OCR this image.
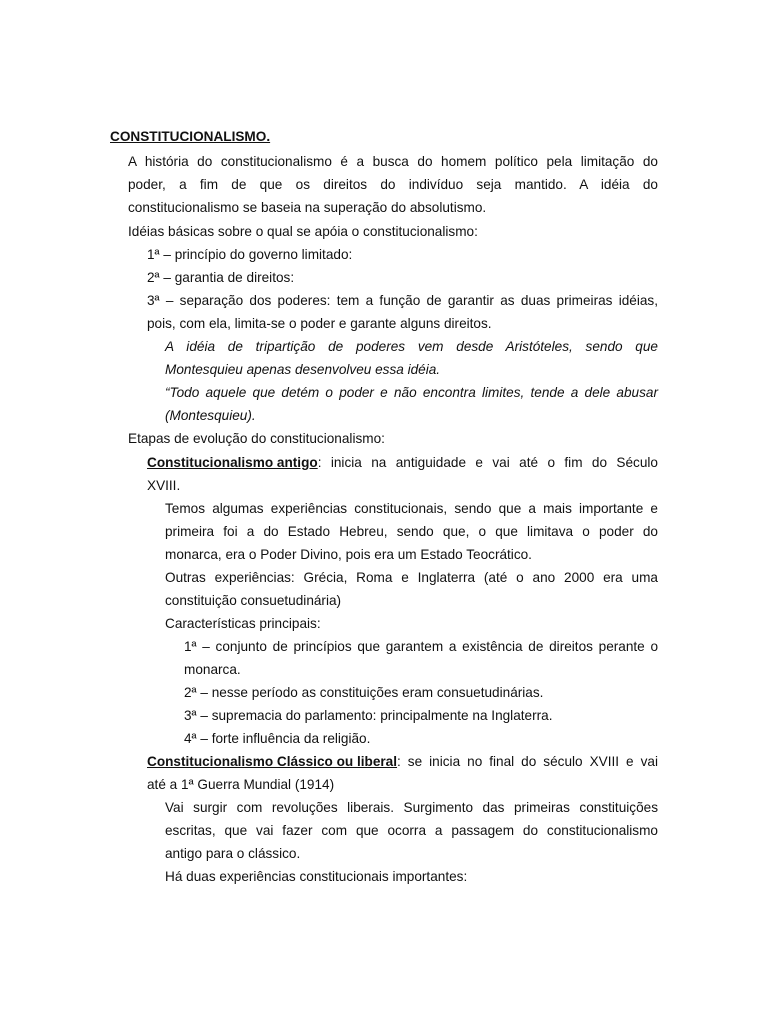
CONSTITUCIONALISMO.
A história do constitucionalismo é a busca do homem político pela limitação do
poder, a fim de que os direitos do indivíduo seja mantido. A idéia do
constitucionalismo se baseia na superação do absolutismo.
Idéias básicas sobre o qual se apóia o constitucionalismo:
1ª – princípio do governo limitado:
2ª – garantia de direitos:
3ª – separação dos poderes: tem a função de garantir as duas primeiras idéias,
pois, com ela, limita-se o poder e garante alguns direitos.
A idéia de tripartição de poderes vem desde Aristóteles, sendo que
Montesquieu apenas desenvolveu essa idéia.
“Todo aquele que detém o poder e não encontra limites, tende a dele abusar
(Montesquieu).
Etapas de evolução do constitucionalismo:
Constitucionalismo antigo : inicia na antiguidade e vai até o fim do Século
XVIII.
Temos algumas experiências constitucionais, sendo que a mais importante e
primeira foi a do Estado Hebreu, sendo que, o que limitava o poder do
monarca, era o Poder Divino, pois era um Estado Teocrático.
Outras experiências: Grécia, Roma e Inglaterra (até o ano 2000 era uma
constituição consuetudinária)
Características principais:
1ª – conjunto de princípios que garantem a existência de direitos perante o
monarca.
2ª – nesse período as constituições eram consuetudinárias.
3ª – supremacia do parlamento: principalmente na Inglaterra.
4ª – forte influência da religião.
Constitucionalismo Clássico ou liberal : se inicia no final do século XVIII e vai
até a 1ª Guerra Mundial (1914)
Vai surgir com revoluções liberais. Surgimento das primeiras constituições
escritas, que vai fazer com que ocorra a passagem do constitucionalismo
antigo para o clássico.
Há duas experiências constitucionais importantes:
